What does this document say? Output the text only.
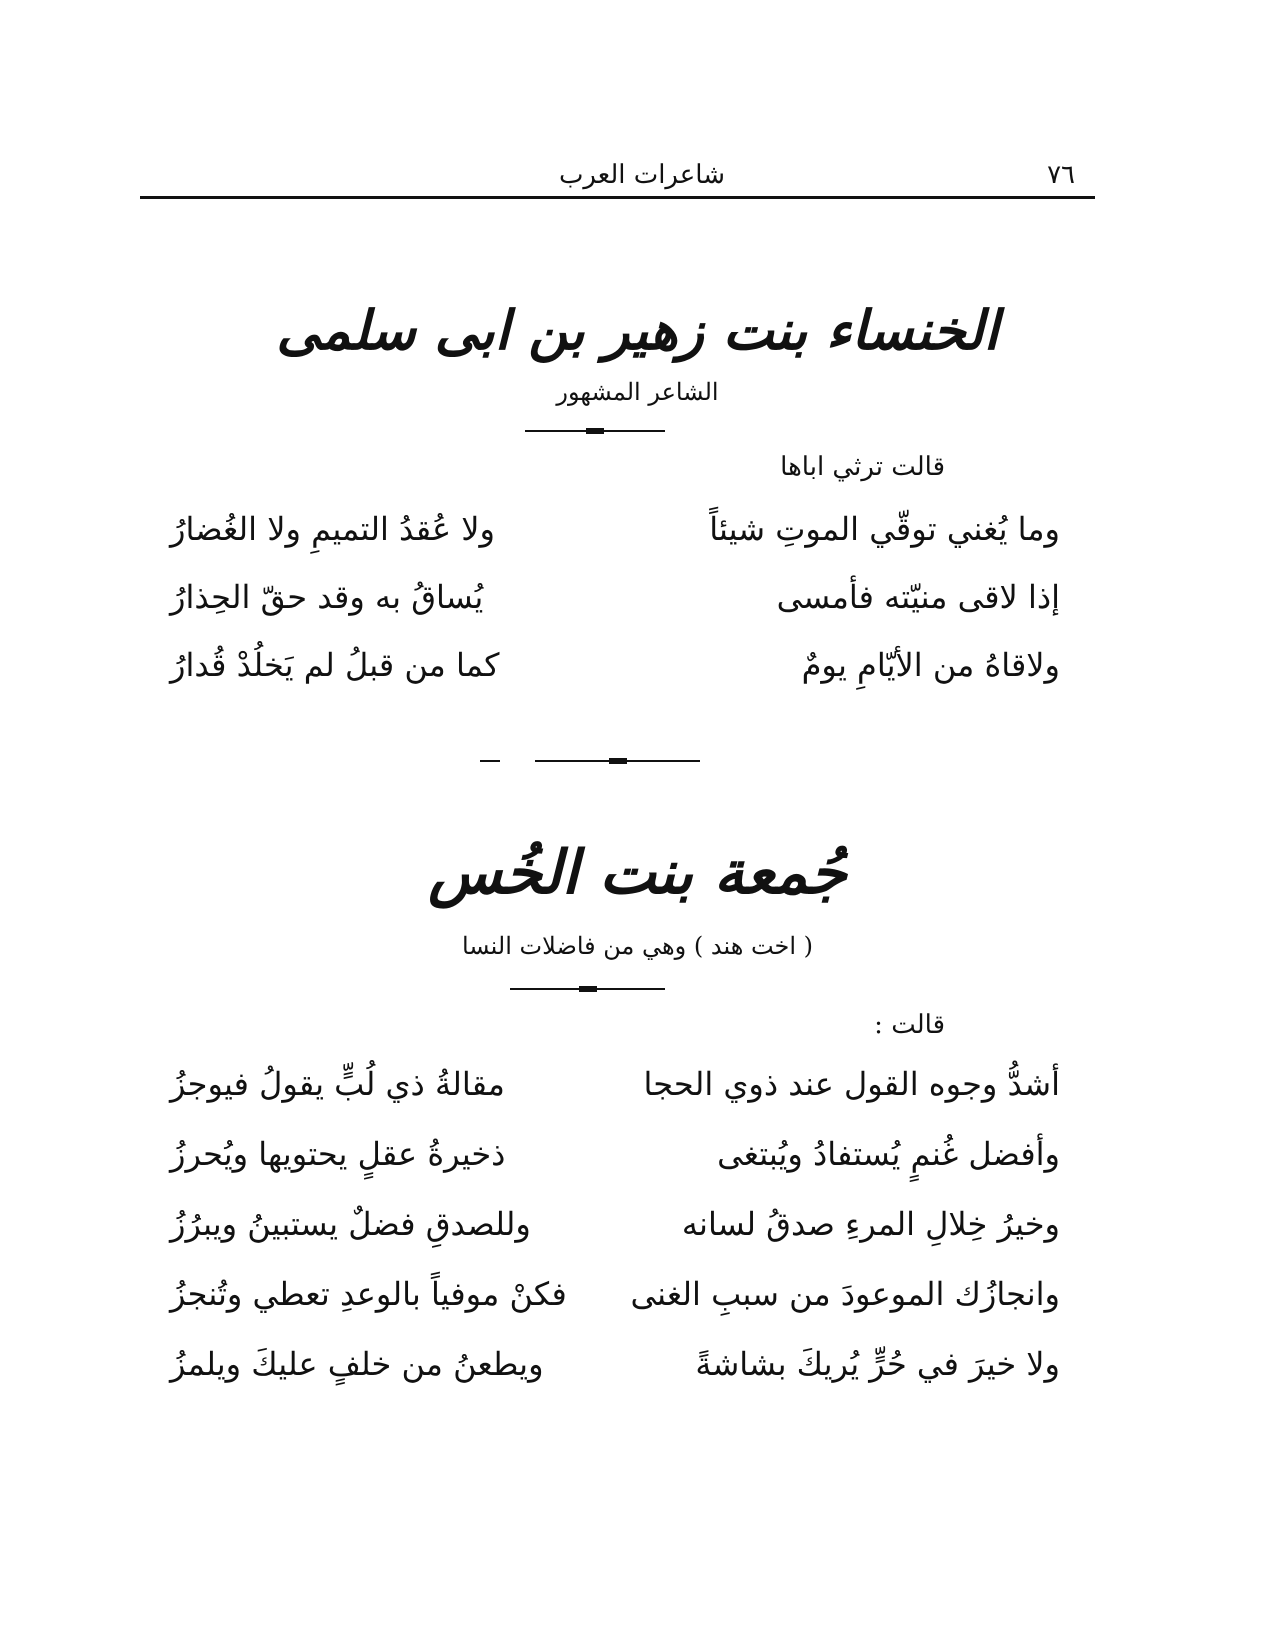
٧٦
شاعرات العرب
الخنساء بنت زهير بن ابى سلمى
الشاعر المشهور
قالت ترثي اباها
وما يُغني توقّي الموتِ شيئاً
ولا عُقدُ التميمِ ولا الغُضارُ
إذا لاقى منيّته فأمسى
يُساقُ به وقد حقّ الحِذارُ
ولاقاهُ من الأيّامِ يومٌ
كما من قبلُ لم يَخلُدْ قُدارُ
جُمعة بنت الخُس
( اخت هند ) وهي من فاضلات النسا
قالت :
أشدُّ وجوه القول عند ذوي الحجا
مقالةُ ذي لُبٍّ يقولُ فيوجزُ
وأفضل غُنمٍ يُستفادُ ويُبتغى
ذخيرةُ عقلٍ يحتويها ويُحرزُ
وخيرُ خِلالِ المرءِ صدقُ لسانه
وللصدقِ فضلٌ يستبينُ ويبرُزُ
وانجازُك الموعودَ من سببِ الغنى
فكنْ موفياً بالوعدِ تعطي وتُنجزُ
ولا خيرَ في حُرٍّ يُريكَ بشاشةً
ويطعنُ من خلفٍ عليكَ ويلمزُ
